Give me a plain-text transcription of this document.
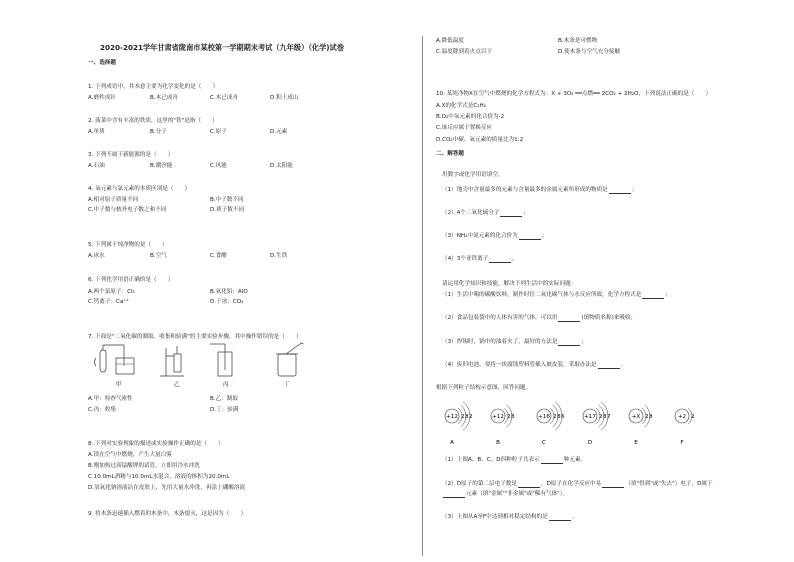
2020-2021学年甘肃省陇南市某校第一学期期末考试（九年级）（化学)试卷
一、选择题
1. 下列成语中，其本意主要为化学变化的是（　　）
A.磨杵成针	B.木已成舟	C.木已成舟	D.积土成山
2. 菠菜中含有丰富的铁质，这里的"铁"是指（　　）
A.单质	B.分子	C.原子	D.元素
3. 下列不属于新能源的是（　　）
A.石油	B.潮汐能	C.风能	D.太阳能
4. 氧元素与氯元素的本质区别是（　　）
A.相对原子质量不同	B.中子数不同
C.中子数与核外电子数之和不同	D.质子数不同
5. 下列属于纯净物的是（　　）
A.冰水	B.空气	C.食醋	D.生铁
6. 下列化学用语正确的是（　　）
A.两个氯原子：Cl₂	B.氧化铝：AlO
C.钙离子：Ca⁺²	D.干冰：CO₂
7. 下面是"二氧化碳的制取、收集和验满"的主要实验步骤，其中操作错误的是（　　）
甲	乙	丙	丁
A.甲：检查气密性	B.乙：制取
C.丙：收集	D.丁：验满
8. 下列对实验现象的描述或实验操作正确的是（　　）
A.镁在空气中燃烧，产生大量白雾
B.刚加热过高锰酸钾的试管，立即用冷水冲洗
C.10.0mL酒精与10.0mL水混合，溶液的体积为20.0mL
D.氢氧化钠溶液沾在皮肤上，先用大量水冲洗，再涂上硼酸溶液
9. 将木条迅速插入燃着的木条中，木条熄灭，这是因为（　　）
A.降低温度	B.木条是可燃物
C.温度降到着火点以下	D.使木条与空气充分接触
10. 某纯净物X在空气中燃烧的化学方程式为：X + 3O₂ ══点燃══ 2CO₂ + 2H₂O，下列说法正确的是（　　）
A.X的化学式是C₂H₄
B.O₂中氧元素的化合价为-2
C.该反应属于置换反应
D.CO₂中碳、氧元素的质量比为1:2
二、解答题
用数字或化学用语填空。
（1）地壳中含量最多的元素与含量最多的金属元素所形成的物质是	；
（2）4个二氧化硫分子	；
（3）NH₄中氮元素的化合价为	；
（4）3个亚铁离子	。
请运用化学知识和技能，解决下列生活中的实际问题：
（1）生活中喝的碳酸饮料，制作时往二氧化碳气体与水反应所致，化学方程式是	；
（2）食品包装袋中的人体有害的气体，可以用	(填物质名称)来吸收；
（3）焊锡时，锅中的油着火了，最好的方法是	；
（4）废旧电池，要将一块腐蚀塑料管插入被皮装，采取办法是	。
根据下列粒子结构示意图，回答问题。
+12 2 8 2
A
+12 2 8
B
+16 2 8 6
C
+17 2 8 7
D
+X 2 8
E
+2 2
F
（1）上图A、B、C、D四种粒子共表示	种元素。
（2）D原子的第二层电子数是	，D原子在化学反应中易	（填"得到"或"失去"）电子，D属于
元素（填"金属""非金属"或"稀有气体"）。
（3）上图从A至F中达到相对稳定结构的是	。
